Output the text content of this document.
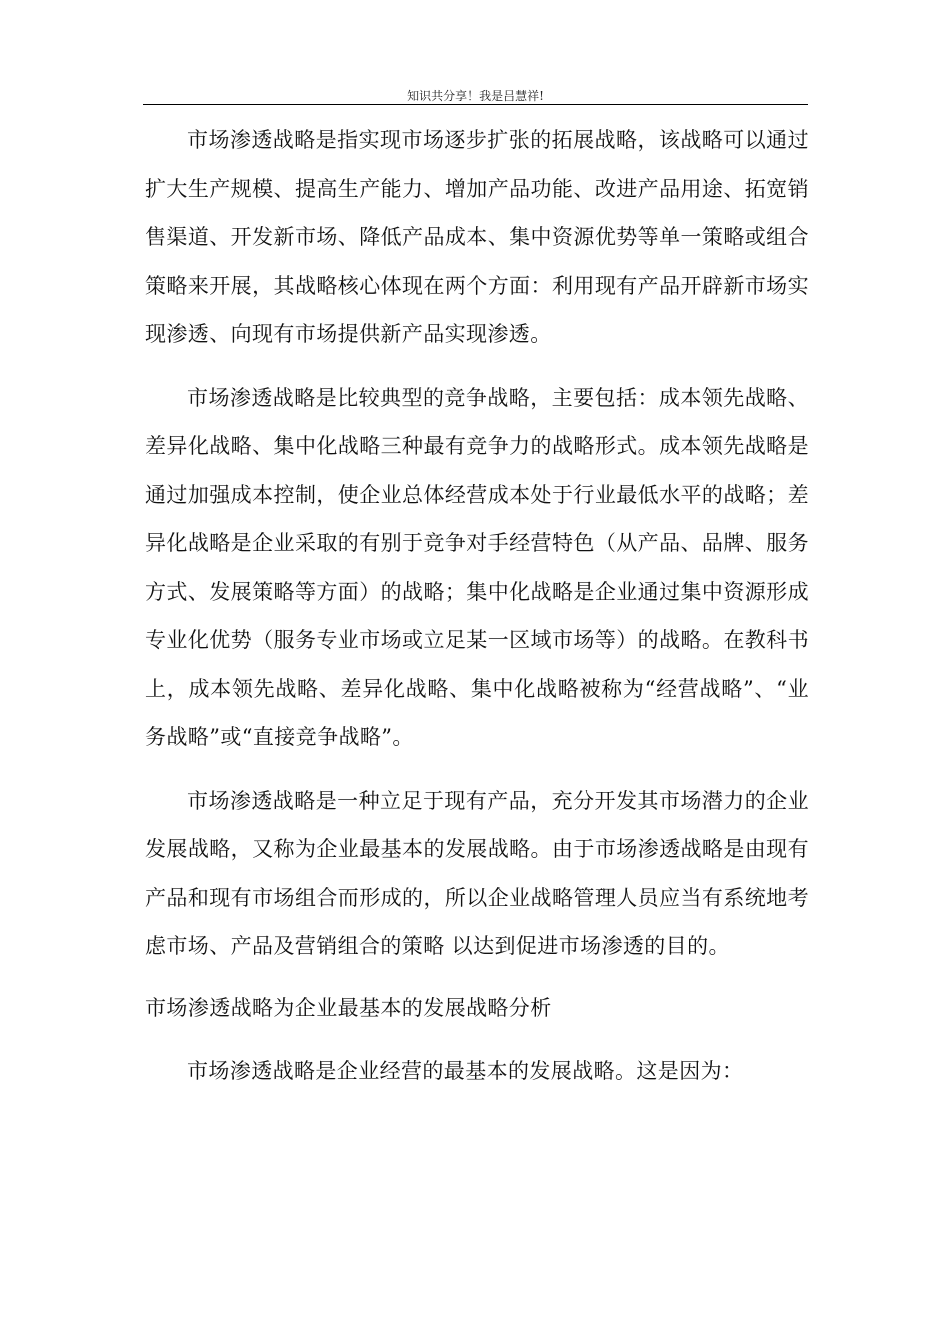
知识共分享！我是吕慧祥!

市场渗透战略是指实现市场逐步扩张的拓展战略，该战略可以通过扩大生产规模、提高生产能力、增加产品功能、改进产品用途、拓宽销售渠道、开发新市场、降低产品成本、集中资源优势等单一策略或组合策略来开展，其战略核心体现在两个方面：利用现有产品开辟新市场实现渗透、向现有市场提供新产品实现渗透。

市场渗透战略是比较典型的竞争战略，主要包括：成本领先战略、差异化战略、集中化战略三种最有竞争力的战略形式。成本领先战略是通过加强成本控制，使企业总体经营成本处于行业最低水平的战略；差异化战略是企业采取的有别于竞争对手经营特色（从产品、品牌、服务方式、发展策略等方面）的战略；集中化战略是企业通过集中资源形成专业化优势（服务专业市场或立足某一区域市场等）的战略。在教科书上，成本领先战略、差异化战略、集中化战略被称为“经营战略”、“业务战略”或“直接竞争战略”。

市场渗透战略是一种立足于现有产品，充分开发其市场潜力的企业发展战略，又称为企业最基本的发展战略。由于市场渗透战略是由现有产品和现有市场组合而形成的，所以企业战略管理人员应当有系统地考虑市场、产品及营销组合的策略 以达到促进市场渗透的目的。

市场渗透战略为企业最基本的发展战略分析

市场渗透战略是企业经营的最基本的发展战略。这是因为：
